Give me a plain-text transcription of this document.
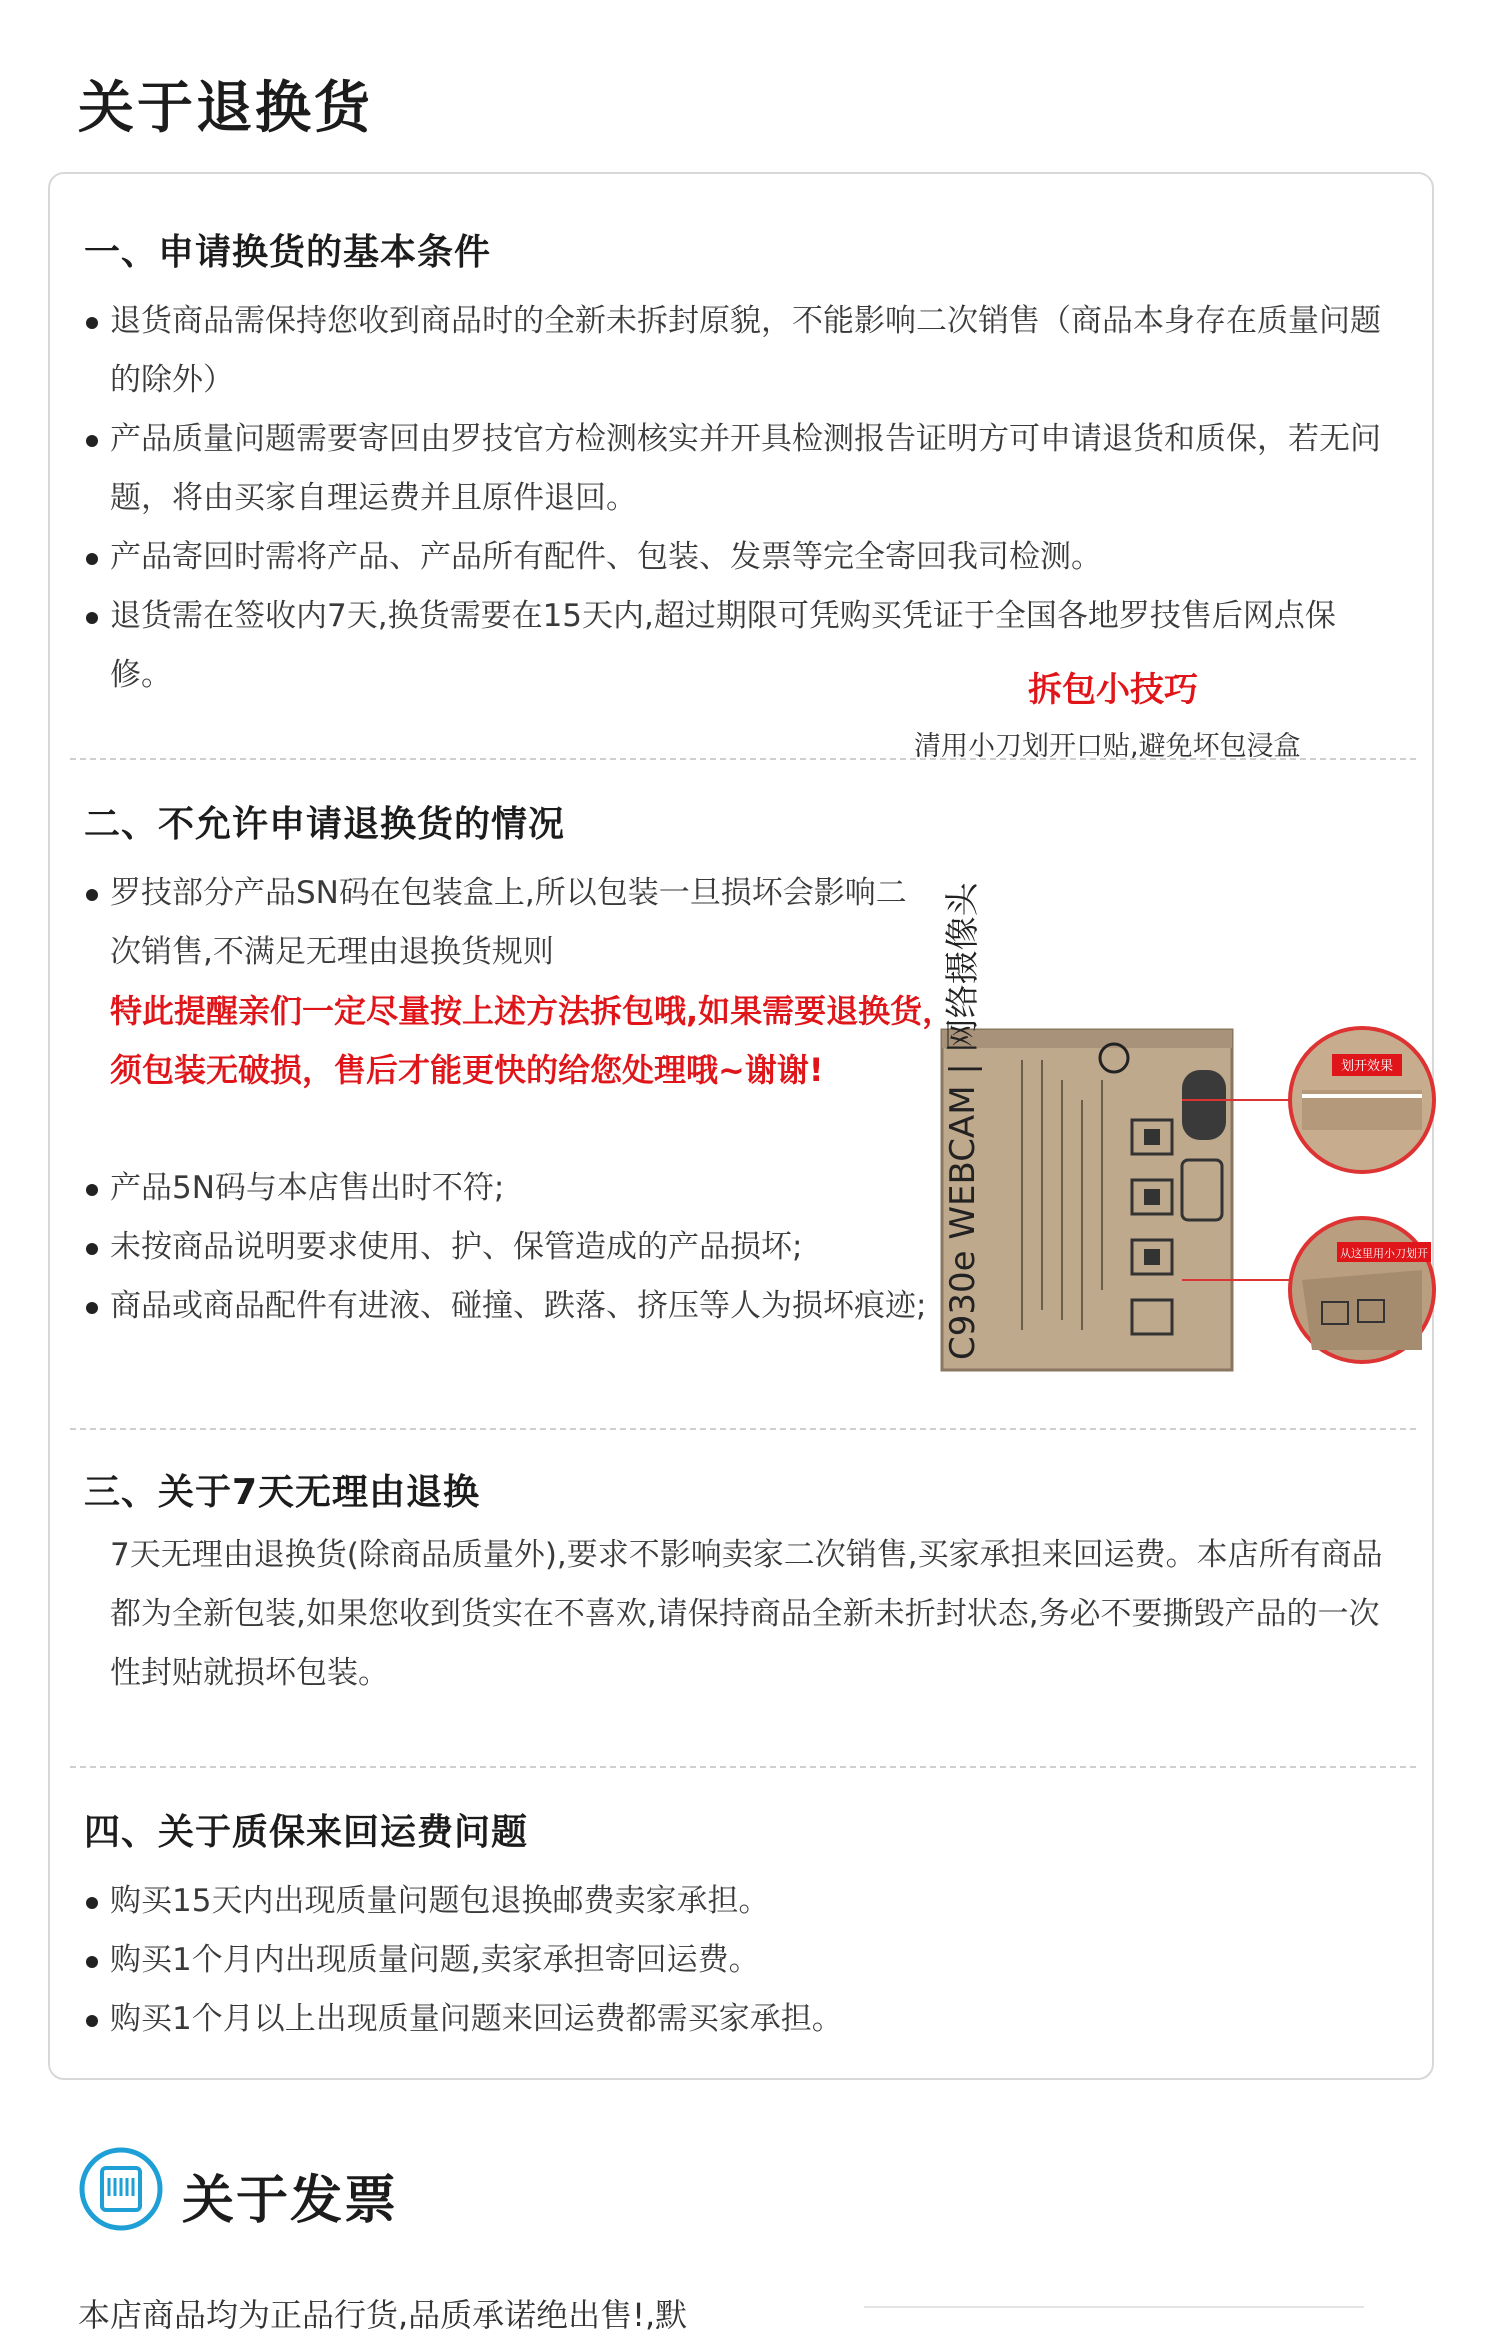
关于退换货
一、申请换货的基本条件
退货商品需保持您收到商品时的全新未拆封原貌，不能影响二次销售（商品本身存在质量问题的除外）
产品质量问题需要寄回由罗技官方检测核实并开具检测报告证明方可申请退货和质保，若无问题，将由买家自理运费并且原件退回。
产品寄回时需将产品、产品所有配件、包装、发票等完全寄回我司检测。
退货需在签收内7天,换货需要在15天内,超过期限可凭购买凭证于全国各地罗技售后网点保修。
二、不允许申请退换货的情况
罗技部分产品SN码在包装盒上,所以包装一旦损坏会影响二次销售,不满足无理由退换货规则
特此提醒亲们一定尽量按上述方法拆包哦,如果需要退换货，须包装无破损，售后才能更快的给您处理哦~谢谢!
产品5N码与本店售出时不符;
未按商品说明要求使用、护、保管造成的产品损坏;
商品或商品配件有进液、碰撞、跌落、挤压等人为损坏痕迹;
三、关于7天无理由退换
7天无理由退换货(除商品质量外),要求不影响卖家二次销售,买家承担来回运费。本店所有商品都为全新包装,如果您收到货实在不喜欢,请保持商品全新未折封状态,务必不要撕毁产品的一次性封贴就损坏包装。
四、关于质保来回运费问题
购买15天内出现质量问题包退换邮费卖家承担。
购买1个月内出现质量问题,卖家承担寄回运费。
购买1个月以上出现质量问题来回运费都需买家承担。
拆包小技巧
清用小刀划开口贴,避免坏包浸盒
C930e WEBCAM | 网络摄像头	划开效果
从这里用小刀划开
关于发票
本店商品均为正品行货,品质承诺绝出售!,默
